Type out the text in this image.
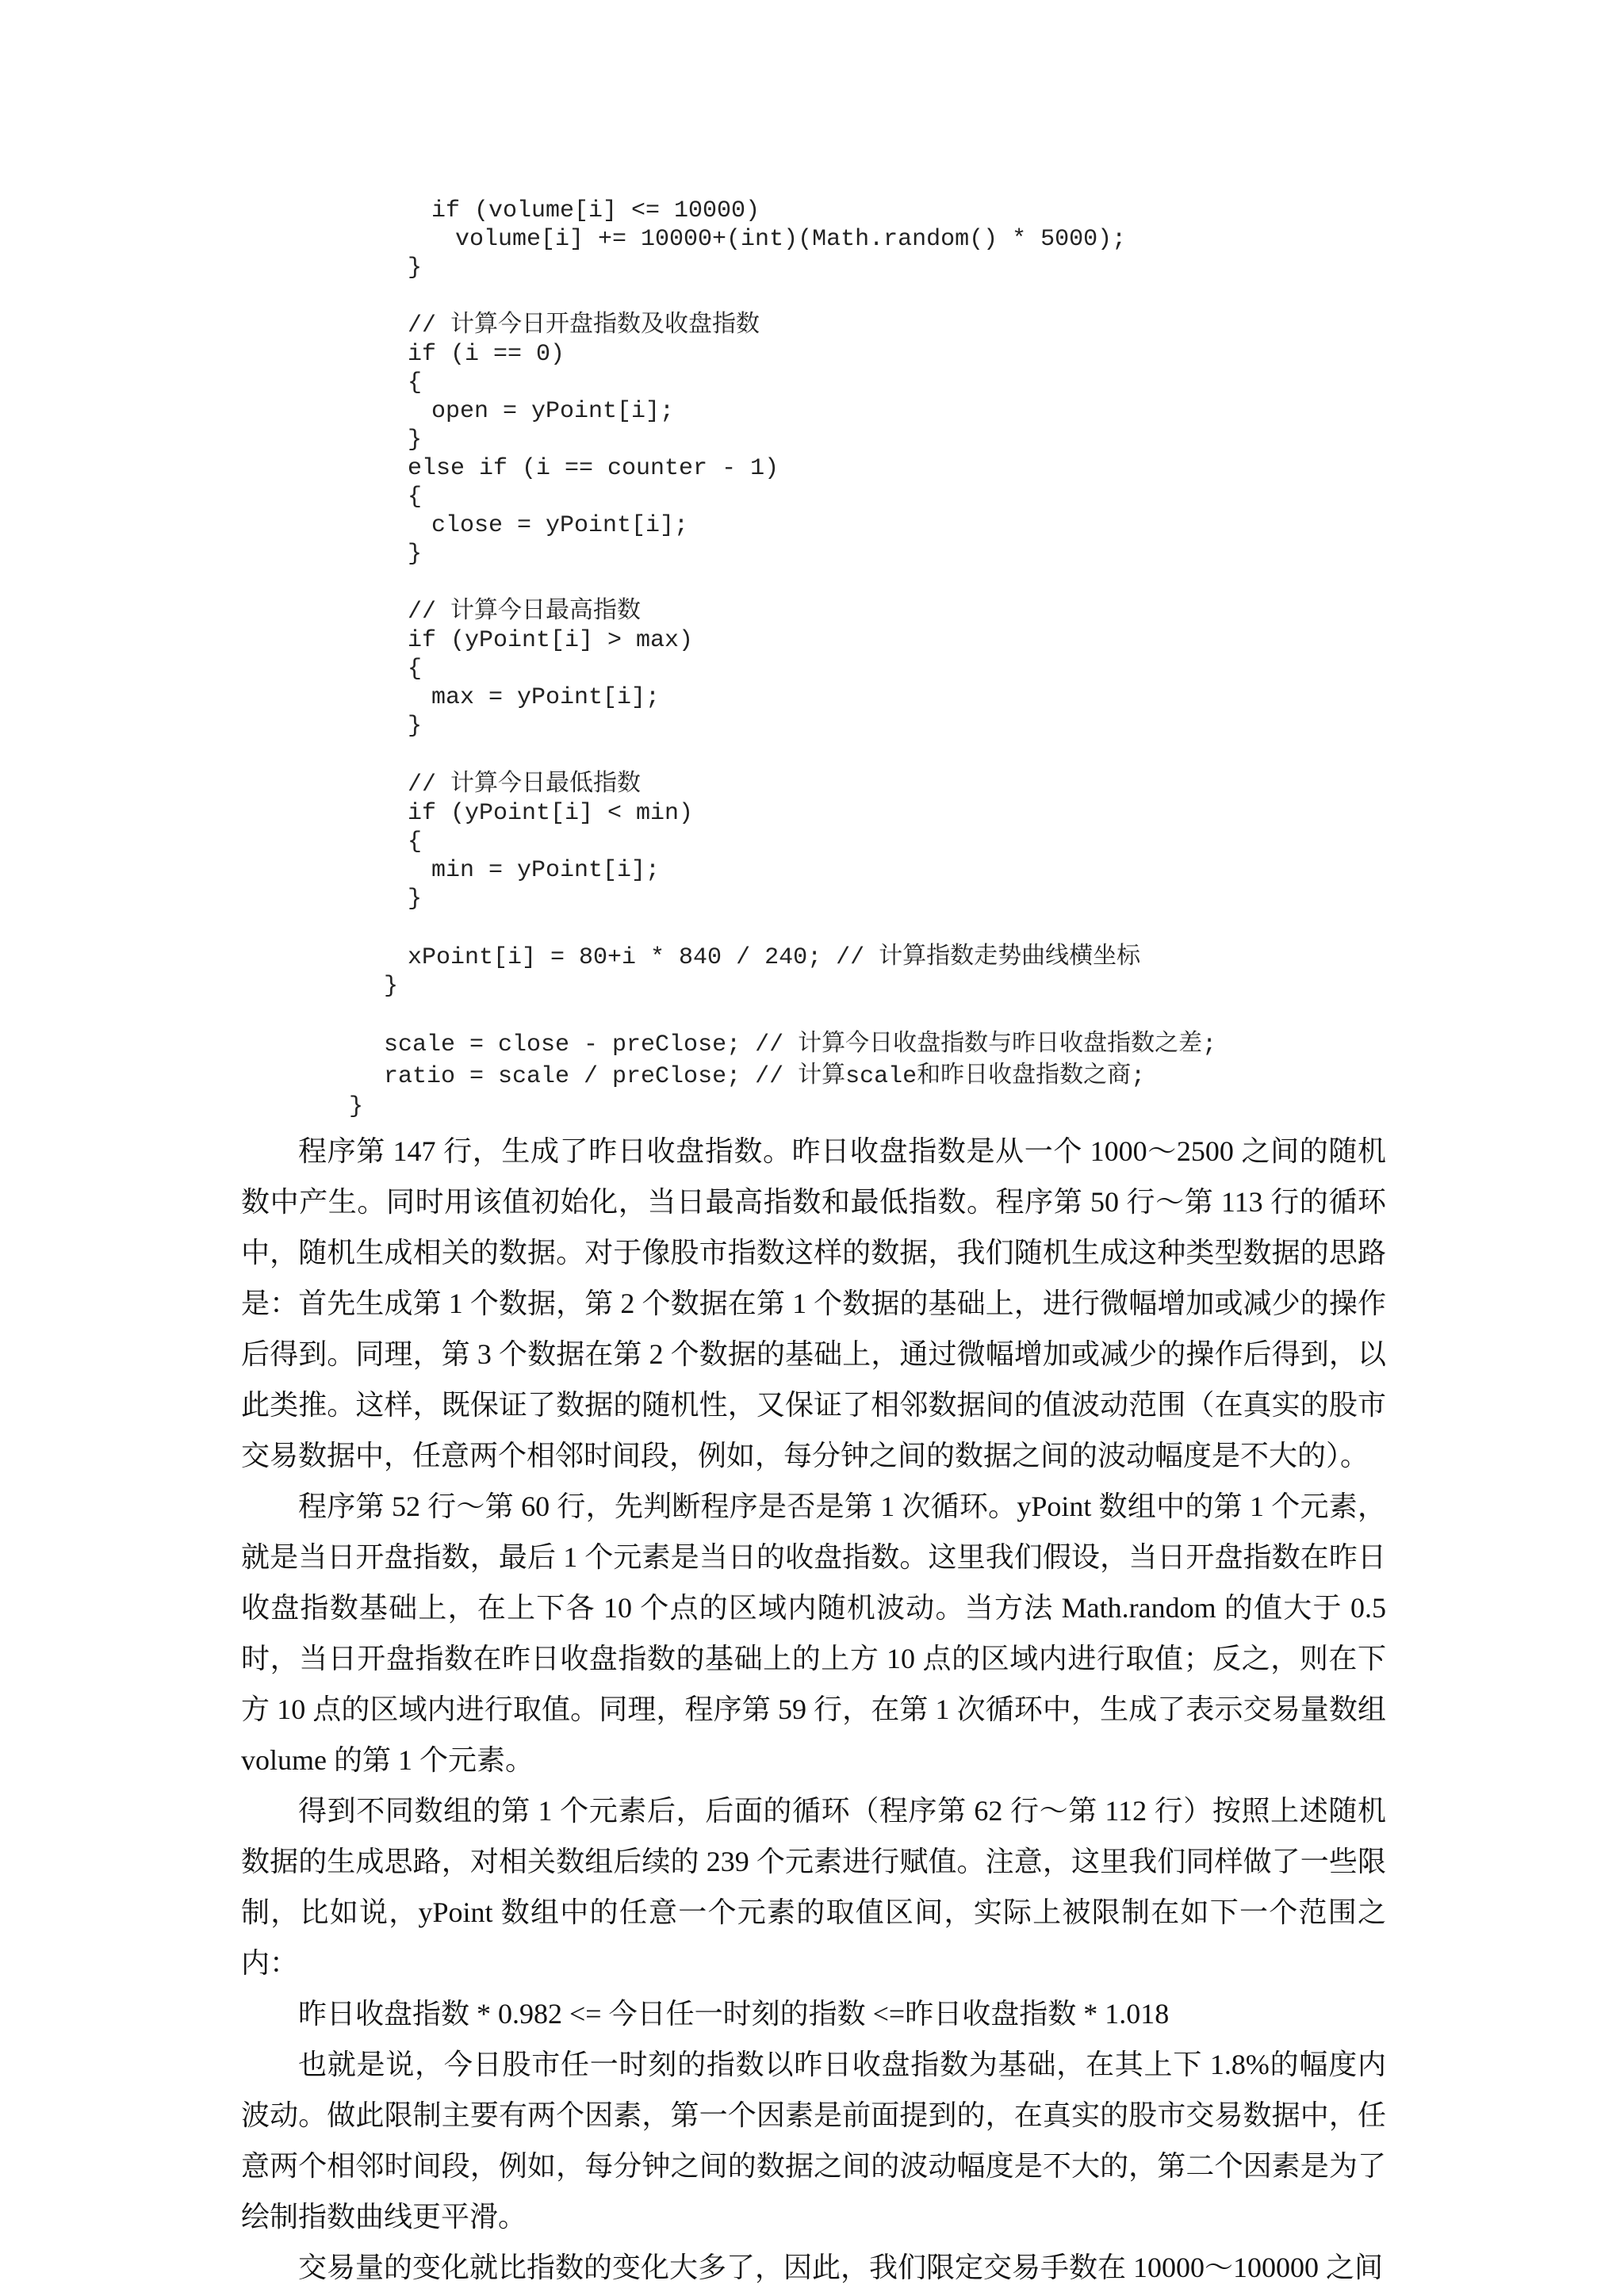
if (volume[i] <= 10000)
volume[i] += 10000+(int)(Math.random() * 5000);
}
// 计算今日开盘指数及收盘指数
if (i == 0)
{
open = yPoint[i];
}
else if (i == counter - 1)
{
close = yPoint[i];
}
// 计算今日最高指数
if (yPoint[i] > max)
{
max = yPoint[i];
}
// 计算今日最低指数
if (yPoint[i] < min)
{
min = yPoint[i];
}
xPoint[i] = 80+i * 840 / 240; // 计算指数走势曲线横坐标
}
scale = close - preClose; // 计算今日收盘指数与昨日收盘指数之差;
ratio = scale / preClose; // 计算scale和昨日收盘指数之商;
}

程序第 147 行，生成了昨日收盘指数。昨日收盘指数是从一个 1000～2500 之间的随机数中产生。同时用该值初始化，当日最高指数和最低指数。程序第 50 行～第 113 行的循环中，随机生成相关的数据。对于像股市指数这样的数据，我们随机生成这种类型数据的思路是：首先生成第 1 个数据，第 2 个数据在第 1 个数据的基础上，进行微幅增加或减少的操作后得到。同理，第 3 个数据在第 2 个数据的基础上，通过微幅增加或减少的操作后得到，以此类推。这样，既保证了数据的随机性，又保证了相邻数据间的值波动范围（在真实的股市交易数据中，任意两个相邻时间段，例如，每分钟之间的数据之间的波动幅度是不大的）。

程序第 52 行～第 60 行，先判断程序是否是第 1 次循环。yPoint 数组中的第 1 个元素，就是当日开盘指数，最后 1 个元素是当日的收盘指数。这里我们假设，当日开盘指数在昨日收盘指数基础上，在上下各 10 个点的区域内随机波动。当方法 Math.random 的值大于 0.5 时，当日开盘指数在昨日收盘指数的基础上的上方 10 点的区域内进行取值；反之，则在下方 10 点的区域内进行取值。同理，程序第 59 行，在第 1 次循环中，生成了表示交易量数组 volume 的第 1 个元素。

得到不同数组的第 1 个元素后，后面的循环（程序第 62 行～第 112 行）按照上述随机数据的生成思路，对相关数组后续的 239 个元素进行赋值。注意，这里我们同样做了一些限制，比如说，yPoint 数组中的任意一个元素的取值区间，实际上被限制在如下一个范围之内：

昨日收盘指数 * 0.982 <= 今日任一时刻的指数 <=昨日收盘指数 * 1.018

也就是说，今日股市任一时刻的指数以昨日收盘指数为基础，在其上下 1.8%的幅度内波动。做此限制主要有两个因素，第一个因素是前面提到的，在真实的股市交易数据中，任意两个相邻时间段，例如，每分钟之间的数据之间的波动幅度是不大的，第二个因素是为了绘制指数曲线更平滑。

交易量的变化就比指数的变化大多了，因此，我们限定交易手数在 10000～100000 之间
